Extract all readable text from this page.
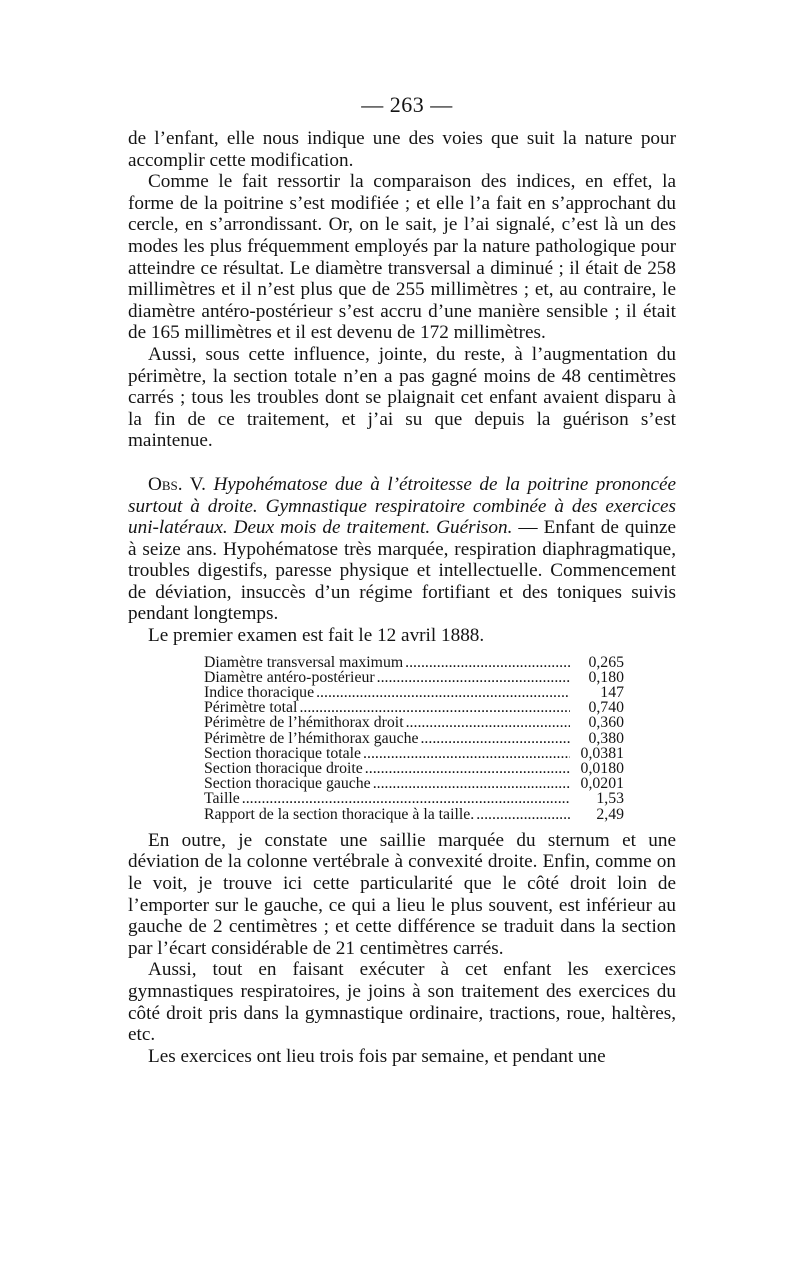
— 263 —

de l’enfant, elle nous indique une des voies que suit la nature pour accomplir cette modification.

Comme le fait ressortir la comparaison des indices, en effet, la forme de la poitrine s’est modifiée ; et elle l’a fait en s’approchant du cercle, en s’arrondissant. Or, on le sait, je l’ai signalé, c’est là un des modes les plus fréquemment employés par la nature pathologique pour atteindre ce résultat. Le diamètre transversal a diminué ; il était de 258 millimètres et il n’est plus que de 255 millimètres ; et, au contraire, le diamètre antéro-postérieur s’est accru d’une manière sensible ; il était de 165 millimètres et il est devenu de 172 millimètres.

Aussi, sous cette influence, jointe, du reste, à l’augmentation du périmètre, la section totale n’en a pas gagné moins de 48 centimètres carrés ; tous les troubles dont se plaignait cet enfant avaient disparu à la fin de ce traitement, et j’ai su que depuis la guérison s’est maintenue.

Obs. V. Hypohématose due à l’étroitesse de la poitrine prononcée surtout à droite. Gymnastique respiratoire combinée à des exercices uni-latéraux. Deux mois de traitement. Guérison. — Enfant de quinze à seize ans. Hypohématose très marquée, respiration diaphragmatique, troubles digestifs, paresse physique et intellectuelle. Commencement de déviation, insuccès d’un régime fortifiant et des toniques suivis pendant longtemps.

Le premier examen est fait le 12 avril 1888.

Diamètre transversal maximum .....	0,265
Diamètre antéro-postérieur .....	0,180
Indice thoracique .....	147
Périmètre total .....	0,740
Périmètre de l’hémithorax droit .....	0,360
Périmètre de l’hémithorax gauche .....	0,380
Section thoracique totale .....	0,0381
Section thoracique droite .....	0,0180
Section thoracique gauche .....	0,0201
Taille .....	1,53
Rapport de la section thoracique à la taille. .....	2,49

En outre, je constate une saillie marquée du sternum et une déviation de la colonne vertébrale à convexité droite. Enfin, comme on le voit, je trouve ici cette particularité que le côté droit loin de l’emporter sur le gauche, ce qui a lieu le plus souvent, est inférieur au gauche de 2 centimètres ; et cette différence se traduit dans la section par l’écart considérable de 21 centimètres carrés.

Aussi, tout en faisant exécuter à cet enfant les exercices gymnastiques respiratoires, je joins à son traitement des exercices du côté droit pris dans la gymnastique ordinaire, tractions, roue, haltères, etc.

Les exercices ont lieu trois fois par semaine, et pendant une
